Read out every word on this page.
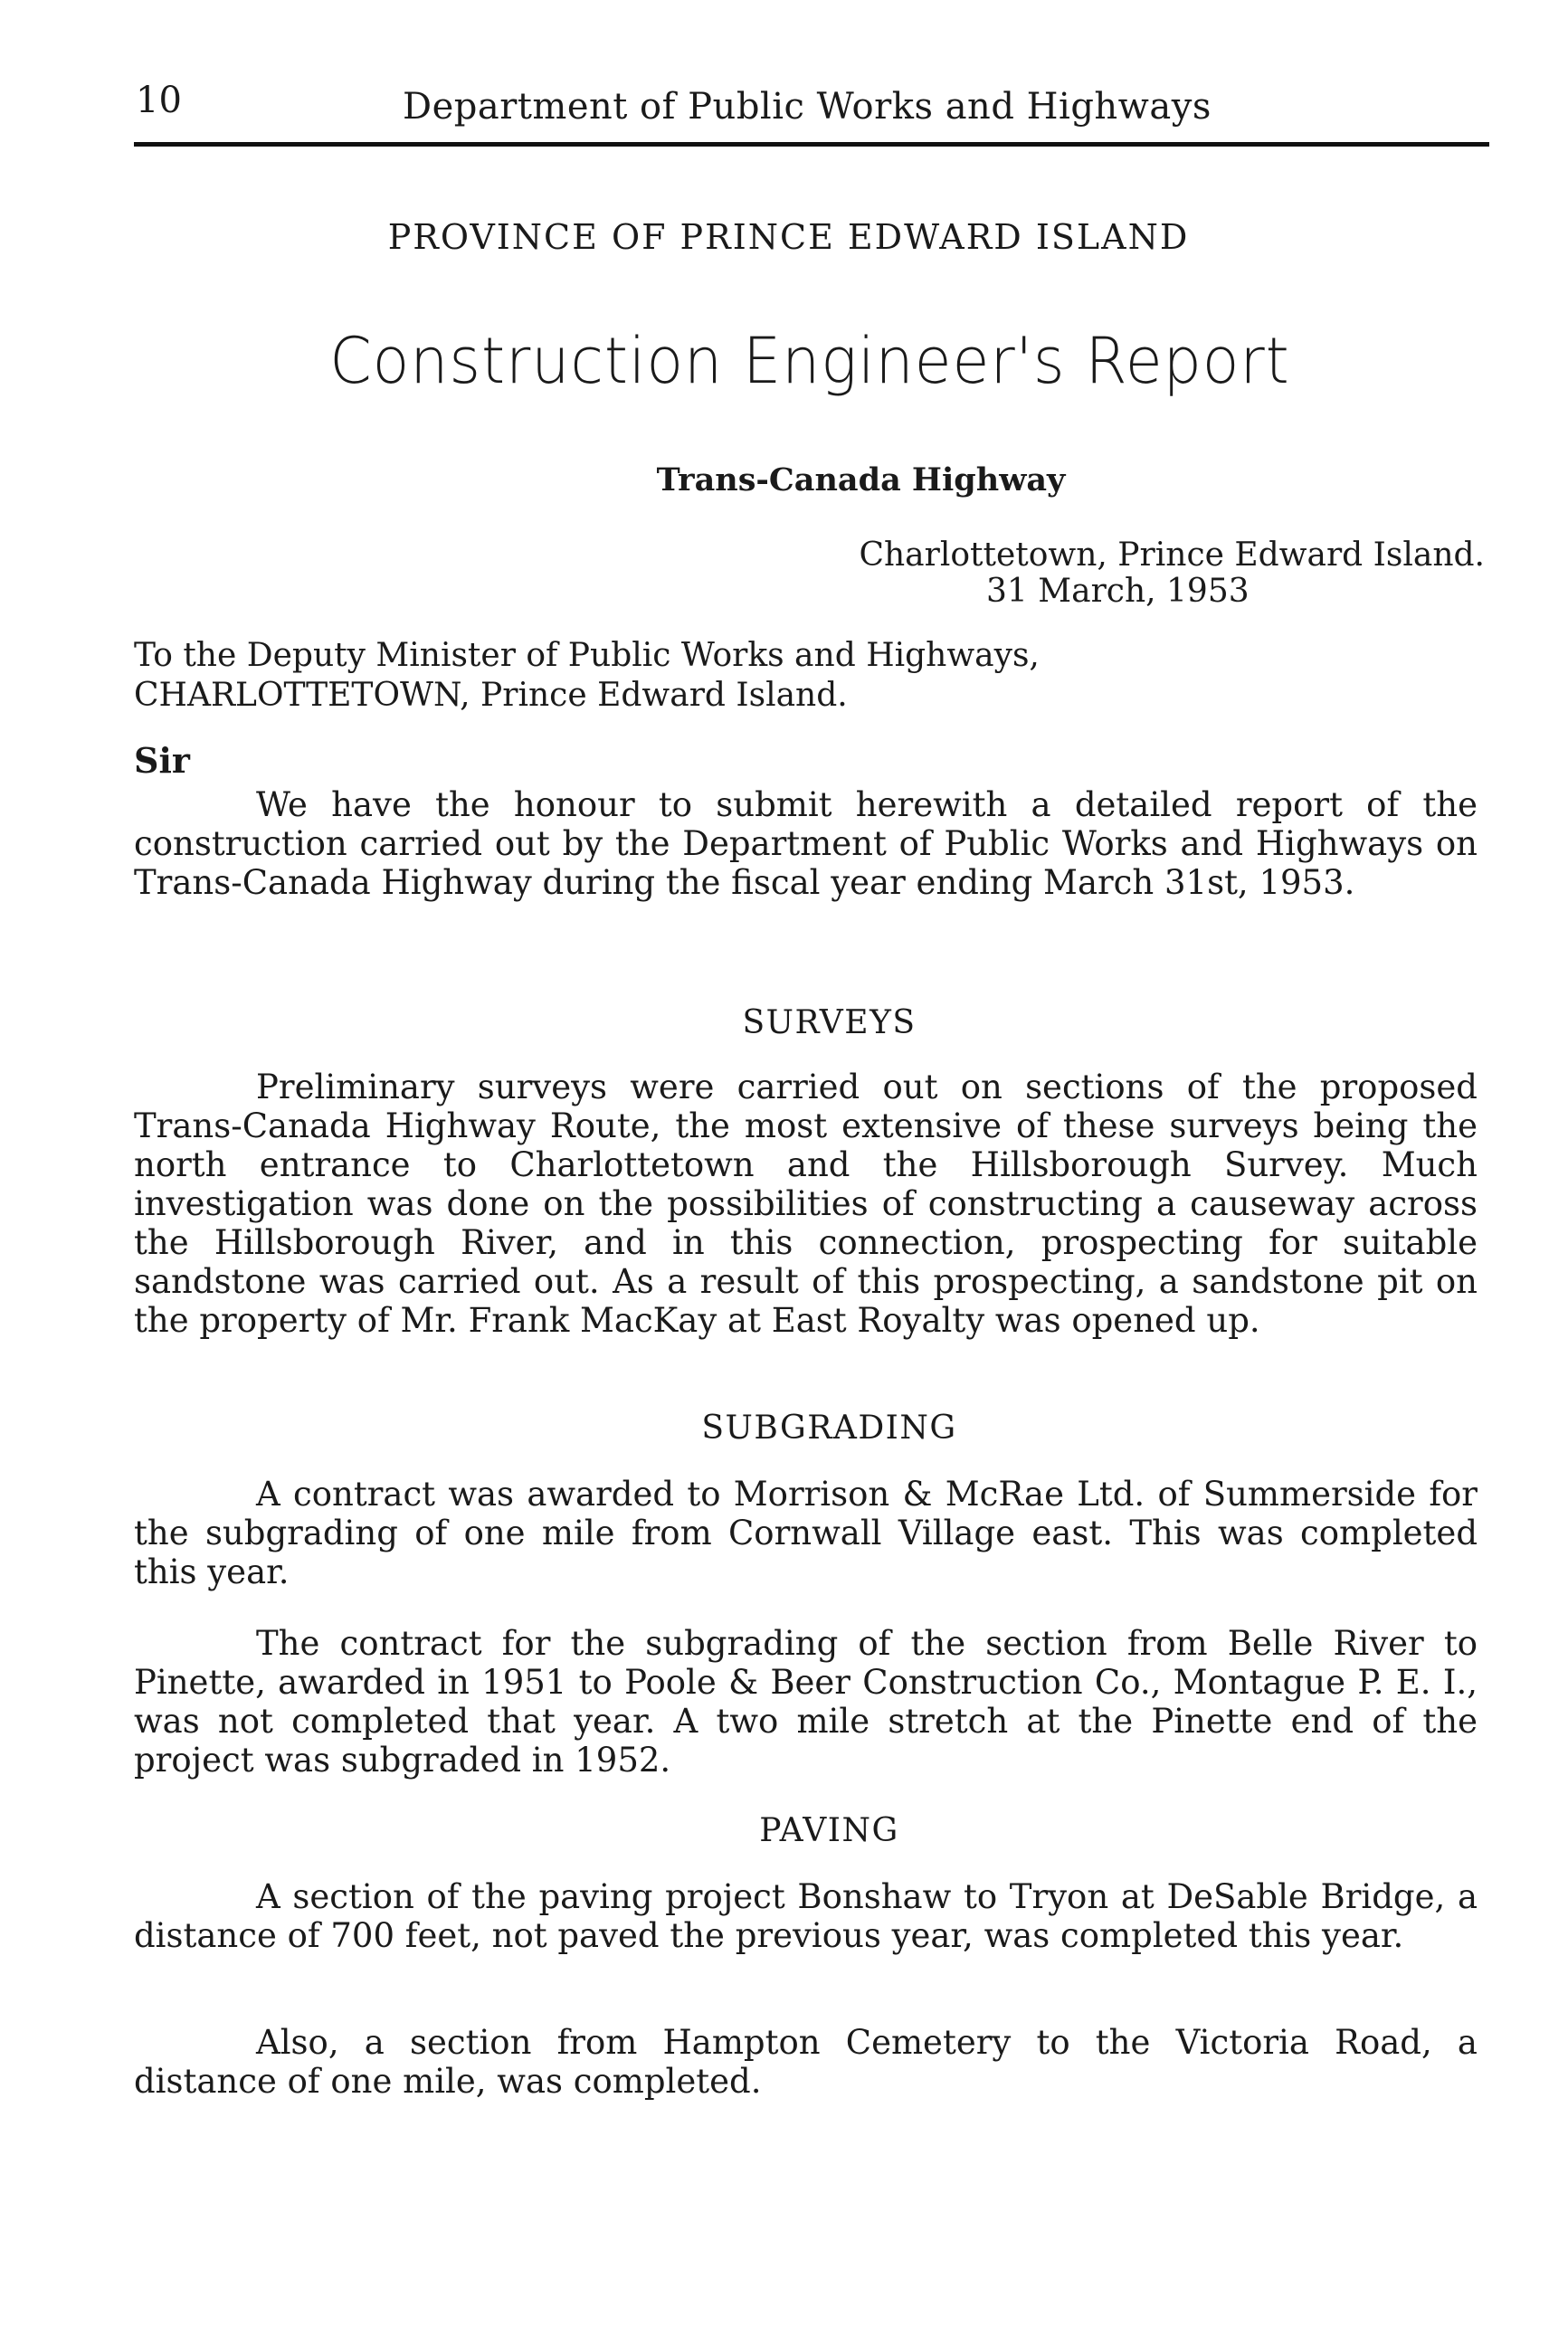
10	Department of Public Works and Highways
PROVINCE OF PRINCE EDWARD ISLAND
Construction Engineer's Report
Trans-Canada Highway
Charlottetown, Prince Edward Island.
31 March, 1953
To the Deputy Minister of Public Works and Highways,
CHARLOTTETOWN, Prince Edward Island.
Sir

We have the honour to submit herewith a detailed report of the construction carried out by the Department of Public Works and Highways on Trans-Canada Highway during the fiscal year ending March 31st, 1953.

SURVEYS

Preliminary surveys were carried out on sections of the proposed Trans-Canada Highway Route, the most extensive of these surveys being the north entrance to Charlottetown and the Hillsborough Survey. Much investigation was done on the possibilities of constructing a causeway across the Hillsborough River, and in this connection, prospecting for suitable sandstone was carried out. As a result of this prospecting, a sandstone pit on the property of Mr. Frank MacKay at East Royalty was opened up.

SUBGRADING

A contract was awarded to Morrison & McRae Ltd. of Summerside for the subgrading of one mile from Cornwall Village east. This was completed this year.

The contract for the subgrading of the section from Belle River to Pinette, awarded in 1951 to Poole & Beer Construction Co., Montague P. E. I., was not completed that year. A two mile stretch at the Pinette end of the project was subgraded in 1952.

PAVING

A section of the paving project Bonshaw to Tryon at DeSable Bridge, a distance of 700 feet, not paved the previous year, was completed this year.

Also, a section from Hampton Cemetery to the Victoria Road, a distance of one mile, was completed.
